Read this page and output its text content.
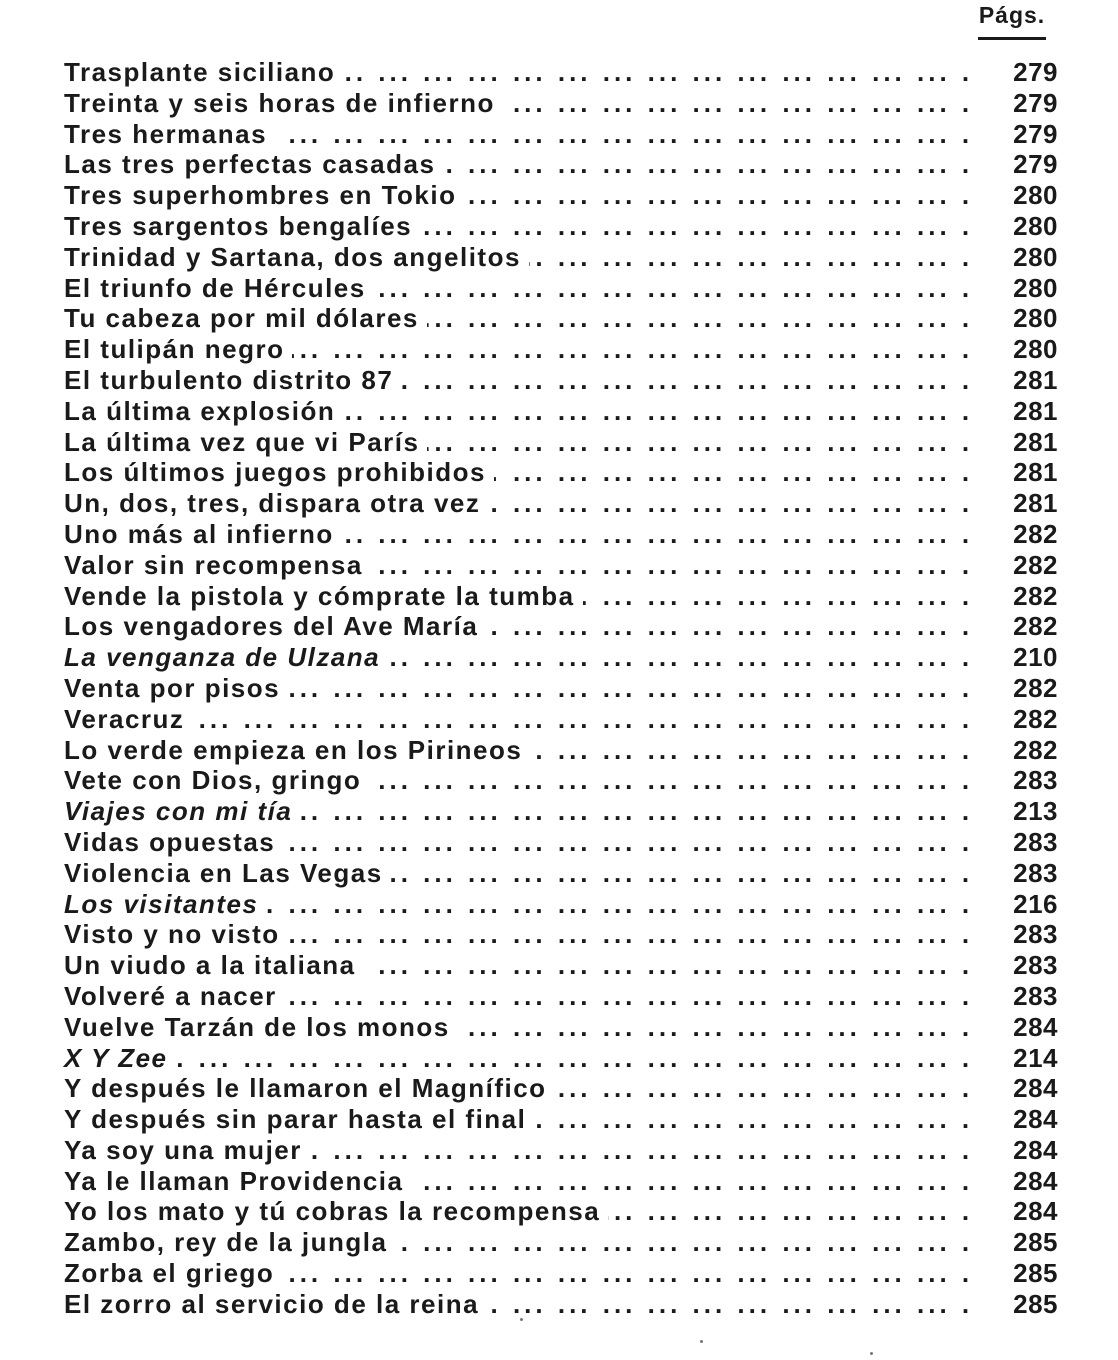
Págs.
... .
Trasplante siciliano	279
... .
Treinta y seis horas de infierno	279
... .
Tres hermanas	279
... .
Las tres perfectas casadas	279
... .
Tres superhombres en Tokio	280
... .
Tres sargentos bengalíes	280
... .
Trinidad y Sartana, dos angelitos	280
... .
El triunfo de Hércules	280
... .
Tu cabeza por mil dólares	280
... .
El tulipán negro	280
... .
El turbulento distrito 87	281
... .
La última explosión	281
... .
La última vez que vi París	281
... .
Los últimos juegos prohibidos	281
... .
Un, dos, tres, dispara otra vez	281
... .
Uno más al infierno	282
... .
Valor sin recompensa	282
... .
Vende la pistola y cómprate la tumba	282
... .
Los vengadores del Ave María	282
... .
La venganza de Ulzana	210
... .
Venta por pisos	282
... .
Veracruz	282
... .
Lo verde empieza en los Pirineos	282
... .
Vete con Dios, gringo	283
... .
Viajes con mi tía	213
... .
Vidas opuestas	283
... .
Violencia en Las Vegas	283
... .
Los visitantes	216
... .
Visto y no visto	283
... .
Un viudo a la italiana	283
... .
Volveré a nacer	283
... .
Vuelve Tarzán de los monos	284
... .
X Y Zee	214
... .
Y después le llamaron el Magnífico	284
... .
Y después sin parar hasta el final	284
... .
Ya soy una mujer	284
... .
Ya le llaman Providencia	284
... .
Yo los mato y tú cobras la recompensa	284
... .
Zambo, rey de la jungla	285
... .
Zorba el griego	285
... .
El zorro al servicio de la reina	285
